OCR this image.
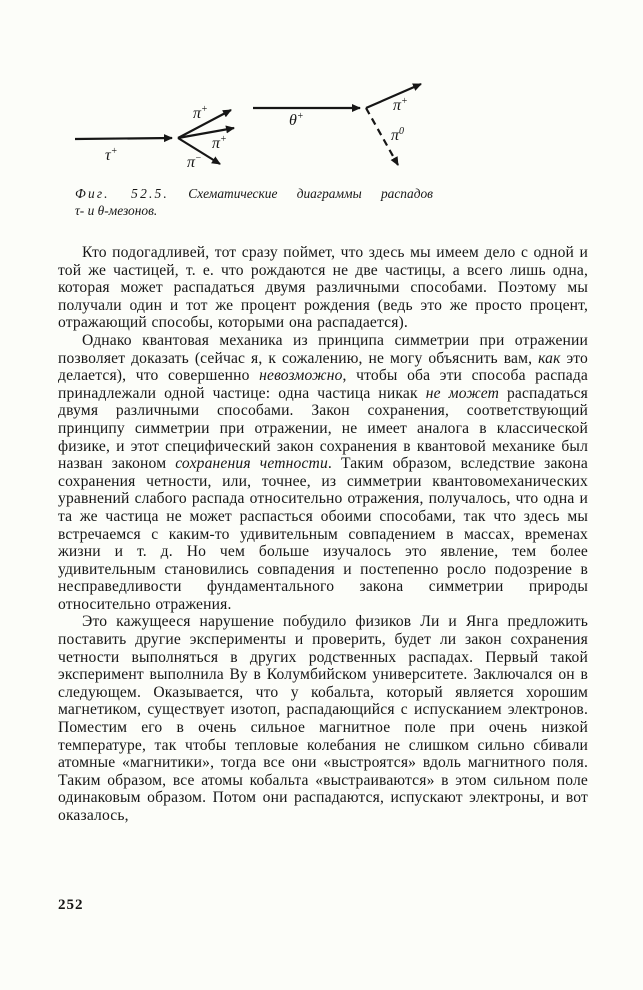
τ+
π+
π+
π−
θ+
π+
$\pi^0$
Фиг. 52.5. Схематические диаграммы распадов
τ- и θ-мезонов.

Кто подогадливей, тот сразу поймет, что здесь мы имеем дело с одной и той же частицей, т. е. что рождаются не две частицы, а всего лишь одна, которая может распадаться двумя различными способами. Поэтому мы получали один и тот же процент рождения (ведь это же просто процент, отражающий способы, которыми она распадается).

Однако квантовая механика из принципа симметрии при отражении позволяет доказать (сейчас я, к сожалению, не могу объяснить вам, как это делается), что совершенно невозможно, чтобы оба эти способа распада принадлежали одной частице: одна частица никак не может распадаться двумя различными способами. Закон сохранения, соответствующий принципу симметрии при отражении, не имеет аналога в классической физике, и этот специфический закон сохранения в квантовой механике был назван законом сохранения четности. Таким образом, вследствие закона сохранения четности, или, точнее, из симметрии квантовомеханических уравнений слабого распада относительно отражения, получалось, что одна и та же частица не может распасться обоими способами, так что здесь мы встречаемся с каким-то удивительным совпадением в массах, временах жизни и т. д. Но чем больше изучалось это явление, тем более удивительным становились совпадения и постепенно росло подозрение в несправедливости фундаментального закона симметрии природы относительно отражения.

Это кажущееся нарушение побудило физиков Ли и Янга предложить поставить другие эксперименты и проверить, будет ли закон сохранения четности выполняться в других родственных распадах. Первый такой эксперимент выполнила Ву в Колумбийском университете. Заключался он в следующем. Оказывается, что у кобальта, который является хорошим магнетиком, существует изотоп, распадающийся с испусканием электронов. Поместим его в очень сильное магнитное поле при очень низкой температуре, так чтобы тепловые колебания не слишком сильно сбивали атомные «магнитики», тогда все они «выстроятся» вдоль магнитного поля. Таким образом, все атомы кобальта «выстраиваются» в этом сильном поле одинаковым образом. Потом они распадаются, испускают электроны, и вот оказалось,

252
